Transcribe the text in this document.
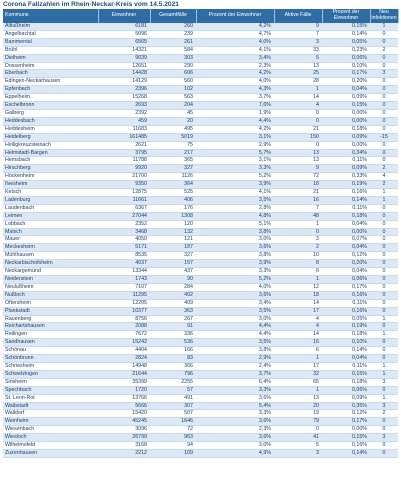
Corona Fallzahlen im Rhein-Neckar-Kreis vom 14.5.2021
Kommune	Einwohner	Gesamtfälle	Prozent der Einwohner	Aktive Fälle	Prozent der Einwohner	Neu infektionen
Altlußheim	6181	260	4,2%	9	0,15%	1
Angelbachtal	5096	239	4,7%	7	0,14%	0
Bammental	6565	261	4,0%	3	0,05%	0
Brühl	14321	584	4,1%	33	0,23%	2
Dielheim	9039	303	3,4%	5	0,06%	0
Dossenheim	12651	290	2,3%	13	0,10%	0
Eberbach	14428	606	4,2%	25	0,17%	3
Edingen-Neckarhausen	14129	560	4,0%	28	0,20%	0
Epfenbach	2396	102	4,3%	1	0,04%	0
Eppelheim	15268	563	3,7%	14	0,09%	0
Eschelbronn	2693	204	7,6%	4	0,15%	0
Gaiberg	2392	45	1,9%	0	0,00%	0
Heddesbach	459	20	4,4%	0	0,00%	0
Heddesheim	11683	495	4,2%	21	0,18%	0
Heidelberg	161485	5019	3,1%	150	0,09%	-15
Heiligkreuzsteinach	2621	75	2,9%	0	0,00%	0
Helmstadt-Bargen	3795	217	5,7%	13	0,34%	0
Hemsbach	11788	365	3,1%	13	0,11%	0
Hirschberg	9920	327	3,3%	9	0,09%	2
Hockenheim	21700	1126	5,2%	72	0,33%	4
Ilvesheim	9350	364	3,9%	18	0,19%	2
Ketsch	12875	525	4,1%	21	0,16%	1
Ladenburg	11661	406	3,5%	16	0,14%	1
Laudenbach	6367	176	2,8%	7	0,11%	0
Leimen	27044	1308	4,8%	48	0,18%	0
Lobbach	2352	120	5,1%	1	0,04%	0
Malsch	3468	132	3,8%	0	0,00%	0
Mauer	4050	121	3,0%	3	0,07%	0
Meckesheim	5171	187	3,6%	2	0,04%	0
Mühlhausen	8535	327	3,8%	10	0,12%	0
Neckarbischofsheim	4037	157	3,9%	8	0,20%	0
Neckargemünd	13344	437	3,3%	6	0,04%	0
Neidenstein	1743	90	5,2%	1	0,06%	0
Neulußheim	7107	284	4,0%	12	0,17%	0
Nußloch	11295	402	3,6%	18	0,16%	0
Oftersheim	12205	409	3,4%	14	0,11%	0
Plankstadt	10377	363	3,5%	17	0,16%	0
Rauenberg	8756	267	3,0%	4	0,05%	1
Reichartshausen	2088	91	4,4%	4	0,19%	0
Reilingen	7672	336	4,4%	14	0,18%	1
Sandhausen	15242	536	3,5%	16	0,10%	0
Schönau	4404	166	3,8%	6	0,14%	0
Schönbrunn	2824	83	2,9%	1	0,04%	0
Schriesheim	14948	366	2,4%	17	0,11%	1
Schwetzingen	21644	796	3,7%	32	0,15%	1
Sinsheim	35399	2255	6,4%	65	0,18%	3
Spechbach	1720	57	3,3%	1	0,06%	0
St. Leon-Rot	13766	491	3,6%	13	0,09%	1
Waibstadt	5666	307	5,4%	20	0,35%	3
Walldorf	15420	507	3,3%	19	0,12%	2
Weinheim	45245	1646	3,6%	79	0,17%	0
Wiesenbach	3096	72	2,3%	0	0,00%	0
Wiesloch	26799	963	3,6%	41	0,15%	3
Wilhelmsfeld	3168	94	3,0%	5	0,16%	0
Zuzenhausen	2212	109	4,9%	3	0,14%	0
